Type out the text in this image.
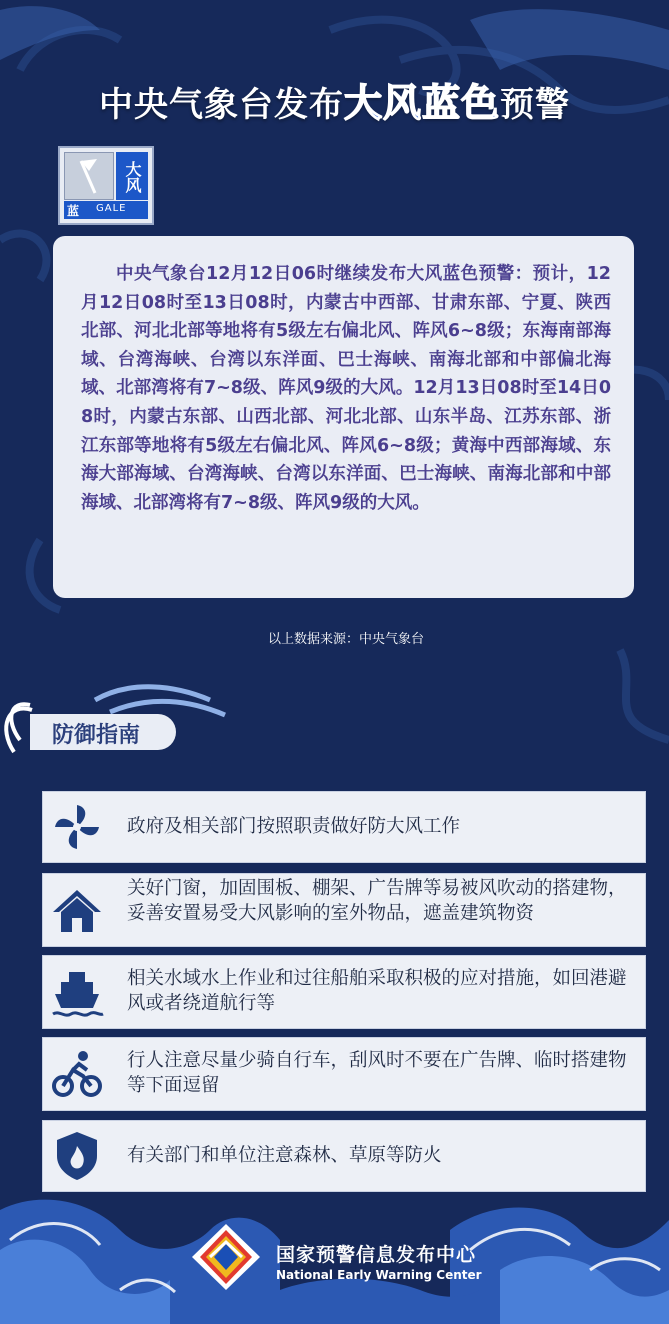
中央气象台发布大风蓝色预警
大风
蓝 GALE
中央气象台12月12日06时继续发布大风蓝色预警：预计，12月12日08时至13日08时，内蒙古中西部、甘肃东部、宁夏、陕西北部、河北北部等地将有5级左右偏北风、阵风6~8级；东海南部海域、台湾海峡、台湾以东洋面、巴士海峡、南海北部和中部偏北海域、北部湾将有7~8级、阵风9级的大风。12月13日08时至14日08时，内蒙古东部、山西北部、河北北部、山东半岛、江苏东部、浙江东部等地将有5级左右偏北风、阵风6~8级；黄海中西部海域、东海大部海域、台湾海峡、台湾以东洋面、巴士海峡、南海北部和中部海域、北部湾将有7~8级、阵风9级的大风。
以上数据来源：中央气象台
防御指南
政府及相关部门按照职责做好防大风工作
关好门窗，加固围板、棚架、广告牌等易被风吹动的搭建物，妥善安置易受大风影响的室外物品，遮盖建筑物资
相关水域水上作业和过往船舶采取积极的应对措施，如回港避风或者绕道航行等
行人注意尽量少骑自行车，刮风时不要在广告牌、临时搭建物等下面逗留
有关部门和单位注意森林、草原等防火
国家预警信息发布中心
National Early Warning Center
